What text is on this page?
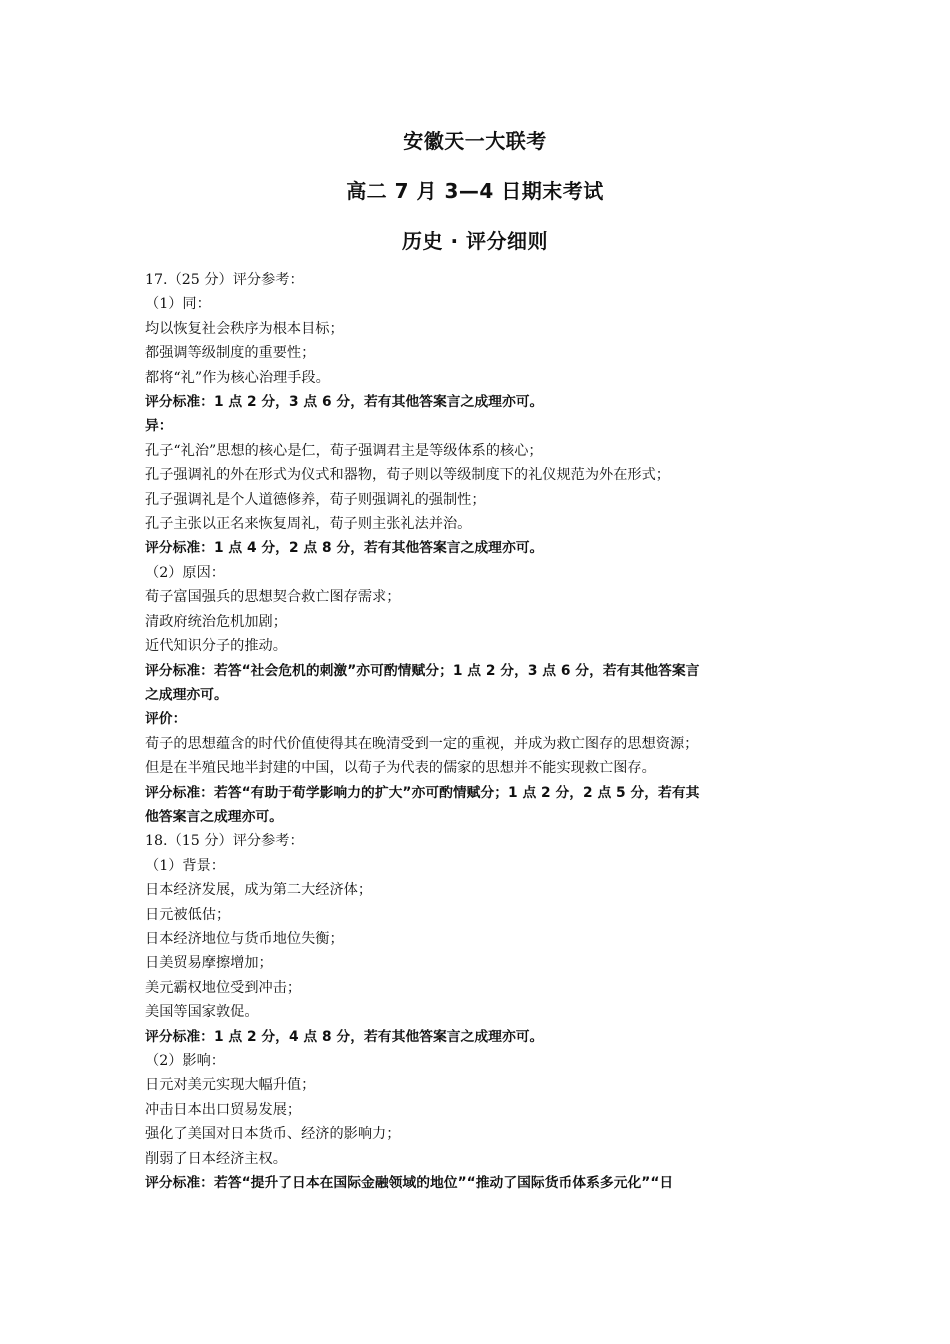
安徽天一大联考
高二 7 月 3—4 日期末考试
历史 · 评分细则
17.（25 分）评分参考：
（1）同：
均以恢复社会秩序为根本目标；
都强调等级制度的重要性；
都将“礼”作为核心治理手段。
评分标准：1 点 2 分，3 点 6 分，若有其他答案言之成理亦可。
异：
孔子“礼治”思想的核心是仁，荀子强调君主是等级体系的核心；
孔子强调礼的外在形式为仪式和器物，荀子则以等级制度下的礼仪规范为外在形式；
孔子强调礼是个人道德修养，荀子则强调礼的强制性；
孔子主张以正名来恢复周礼，荀子则主张礼法并治。
评分标准：1 点 4 分，2 点 8 分，若有其他答案言之成理亦可。
（2）原因：
荀子富国强兵的思想契合救亡图存需求；
清政府统治危机加剧；
近代知识分子的推动。
评分标准：若答“社会危机的刺激”亦可酌情赋分；1 点 2 分，3 点 6 分，若有其他答案言
之成理亦可。
评价：
荀子的思想蕴含的时代价值使得其在晚清受到一定的重视，并成为救亡图存的思想资源；
但是在半殖民地半封建的中国，以荀子为代表的儒家的思想并不能实现救亡图存。
评分标准：若答“有助于荀学影响力的扩大”亦可酌情赋分；1 点 2 分，2 点 5 分，若有其
他答案言之成理亦可。
18.（15 分）评分参考：
（1）背景：
日本经济发展，成为第二大经济体；
日元被低估；
日本经济地位与货币地位失衡；
日美贸易摩擦增加；
美元霸权地位受到冲击；
美国等国家敦促。
评分标准：1 点 2 分，4 点 8 分，若有其他答案言之成理亦可。
（2）影响：
日元对美元实现大幅升值；
冲击日本出口贸易发展；
强化了美国对日本货币、经济的影响力；
削弱了日本经济主权。
评分标准：若答“提升了日本在国际金融领域的地位”“推动了国际货币体系多元化”“日
